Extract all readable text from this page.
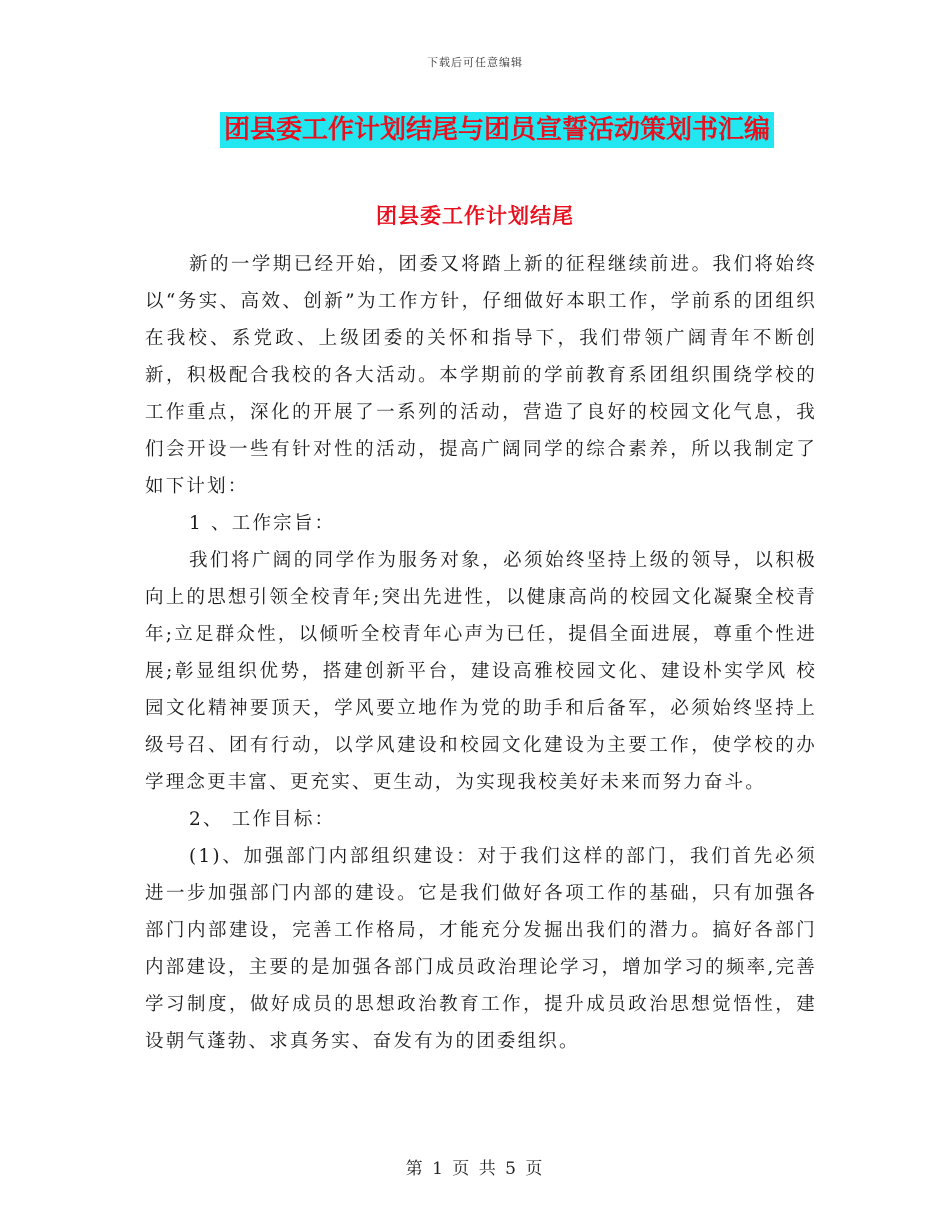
下载后可任意编辑
团县委工作计划结尾与团员宣誓活动策划书汇编
团县委工作计划结尾

新的一学期已经开始，团委又将踏上新的征程继续前进。我们将始终以“务实、高效、创新”为工作方针，仔细做好本职工作，学前系的团组织在我校、系党政、上级团委的关怀和指导下，我们带领广阔青年不断创新，积极配合我校的各大活动。本学期前的学前教育系团组织围绕学校的工作重点，深化的开展了一系列的活动，营造了良好的校园文化气息，我们会开设一些有针对性的活动，提高广阔同学的综合素养，所以我制定了如下计划：

1 、工作宗旨：

我们将广阔的同学作为服务对象，必须始终坚持上级的领导，以积极向上的思想引领全校青年;突出先进性，以健康高尚的校园文化凝聚全校青年;立足群众性，以倾听全校青年心声为已任，提倡全面进展，尊重个性进展;彰显组织优势，搭建创新平台，建设高雅校园文化、建设朴实学风 校园文化精神要顶天，学风要立地作为党的助手和后备军，必须始终坚持上级号召、团有行动，以学风建设和校园文化建设为主要工作，使学校的办学理念更丰富、更充实、更生动，为实现我校美好未来而努力奋斗。

2、 工作目标：

(1)、加强部门内部组织建设：对于我们这样的部门，我们首先必须进一步加强部门内部的建设。它是我们做好各项工作的基础，只有加强各部门内部建设，完善工作格局，才能充分发掘出我们的潜力。搞好各部门内部建设，主要的是加强各部门成员政治理论学习，增加学习的频率,完善学习制度，做好成员的思想政治教育工作，提升成员政治思想觉悟性，建设朝气蓬勃、求真务实、奋发有为的团委组织。

第 1 页 共 5 页
